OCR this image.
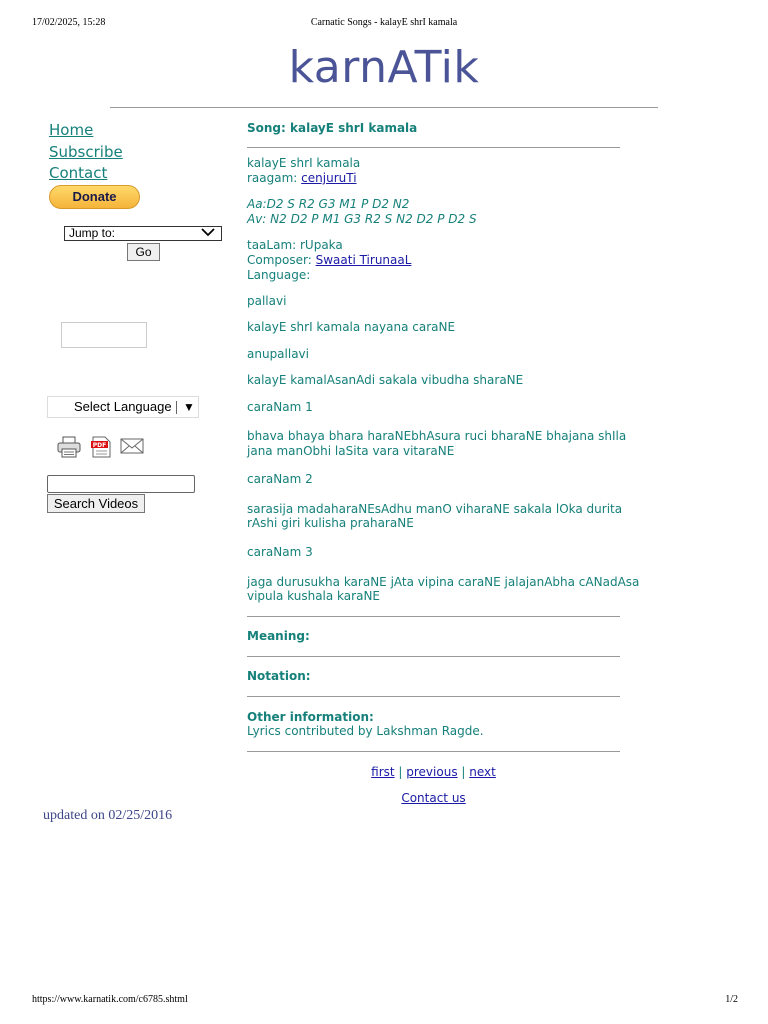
17/02/2025, 15:28	Carnatic Songs - kalayE shrI kamala
karnATik
Home
Subscribe
Contact
Donate
Jump to:
Go
Select Language ▼
PDF
Search Videos
updated on 02/25/2016
Song: kalayE shrI kamala
kalayE shrI kamala
raagam: cenjuruTi
Aa:D2 S R2 G3 M1 P D2 N2
Av: N2 D2 P M1 G3 R2 S N2 D2 P D2 S
taaLam: rUpaka
Composer: Swaati TirunaaL
Language:
pallavi
kalayE shrI kamala nayana caraNE
anupallavi
kalayE kamalAsanAdi sakala vibudha sharaNE
caraNam 1
bhava bhaya bhara haraNEbhAsura ruci bharaNE bhajana shIla
jana manObhi laSita vara vitaraNE
caraNam 2
sarasija madaharaNEsAdhu manO viharaNE sakala lOka durita
rAshi giri kulisha praharaNE
caraNam 3
jaga durusukha karaNE jAta vipina caraNE jalajanAbha cANadAsa
vipula kushala karaNE
Meaning:
Notation:
Other information:
Lyrics contributed by Lakshman Ragde.
first | previous | next
Contact us
https://www.karnatik.com/c6785.shtml	1/2
